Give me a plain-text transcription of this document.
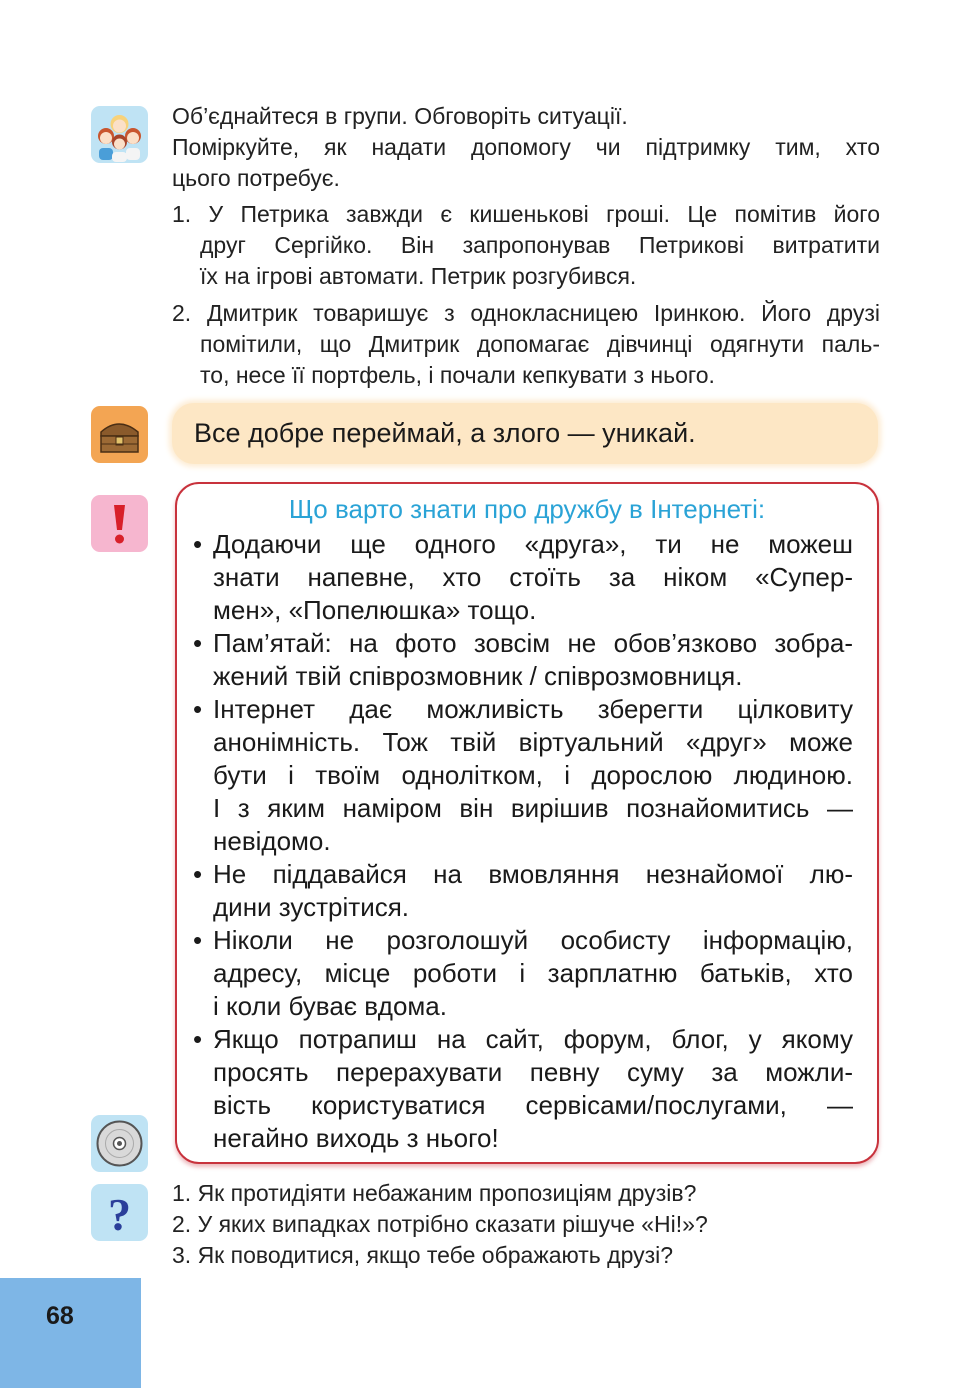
?
Об’єднайтеся в групи. Обговоріть ситуації.
Поміркуйте, як надати допомогу чи підтримку тим, хто
цього потребує.
1. У Петрика завжди є кишенькові гроші. Це помітив його
друг Сергійко. Він запропонував Петрикові витратити
їх на ігрові автомати. Петрик розгубився.
2. Дмитрик товаришує з однокласницею Іринкою. Його друзі
помітили, що Дмитрик допомагає дівчинці одягнути паль-
то, несе її портфель, і почали кепкувати з нього.
Все добре переймай, а злого — уникай.
Що варто знати про дружбу в Інтернеті:
• Додаючи ще одного «друга», ти не можеш
знати напевне, хто стоїть за ніком «Супер-
мен», «Попелюшка» тощо.
• Пам’ятай: на фото зовсім не обов’язково зобра-
жений твій співрозмовник / співрозмовниця.
• Інтернет дає можливість зберегти цілковиту
анонімність. Тож твій віртуальний «друг» може
бути і твоїм однолітком, і дорослою людиною.
І з яким наміром він вирішив познайомитись —
невідомо.
• Не піддавайся на вмовляння незнайомої лю-
дини зустрітися.
• Ніколи не розголошуй особисту інформацію,
адресу, місце роботи і зарплатню батьків, хто
і коли буває вдома.
• Якщо потрапиш на сайт, форум, блог, у якому
просять перерахувати певну суму за можли-
вість користуватися сервісами/послугами, —
негайно виходь з нього!
1. Як протидіяти небажаним пропозиціям друзів?
2. У яких випадках потрібно сказати рішуче «Ні!»?
3. Як поводитися, якщо тебе ображають друзі?
68
